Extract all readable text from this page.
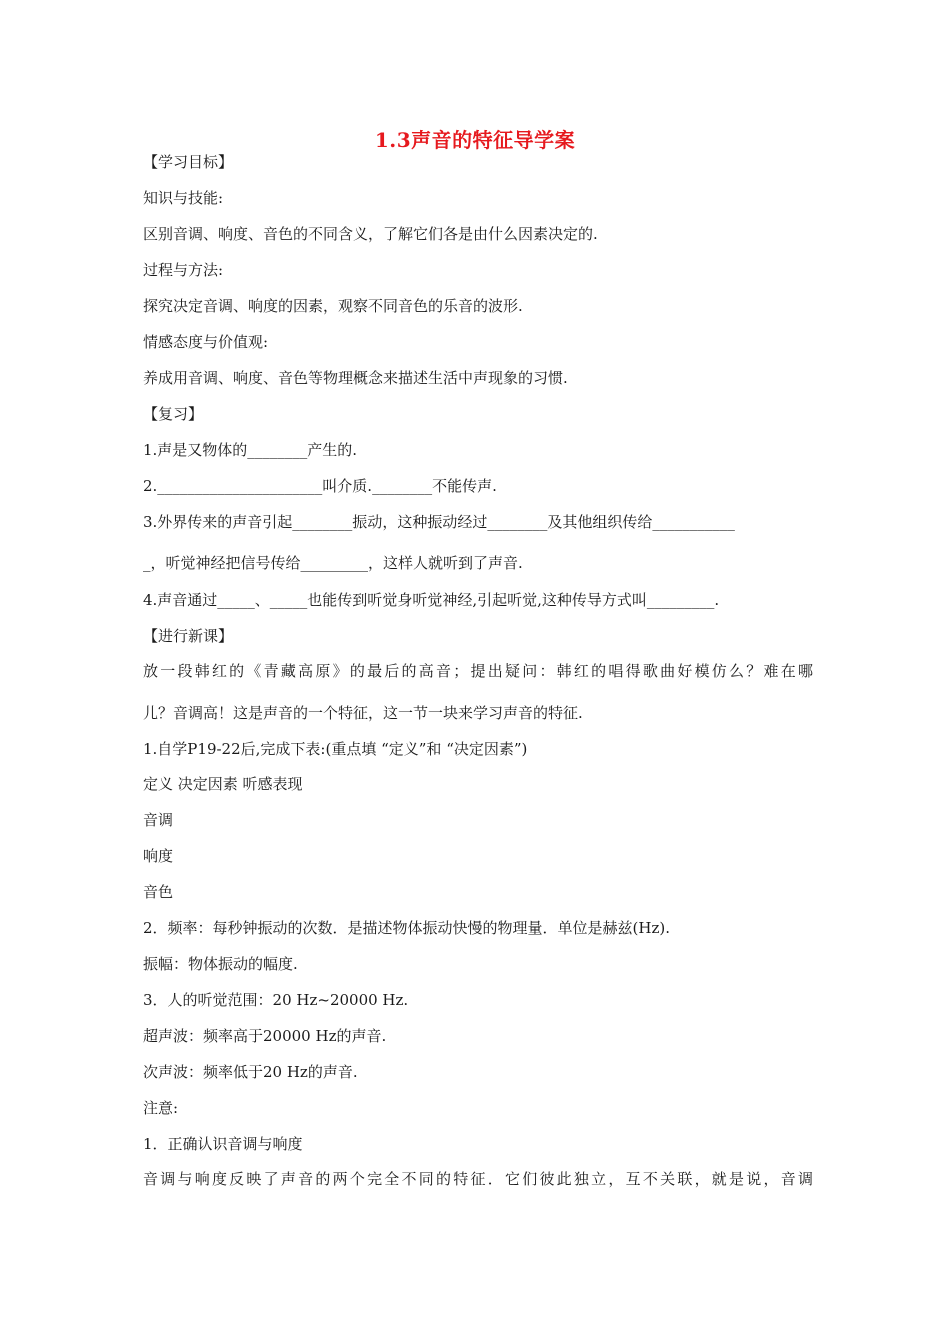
1.3声音的特征导学案
【学习目标】
知识与技能:
区别音调、响度、音色的不同含义，了解它们各是由什么因素决定的.
过程与方法:
探究决定音调、响度的因素，观察不同音色的乐音的波形.
情感态度与价值观:
养成用音调、响度、音色等物理概念来描述生活中声现象的习惯.
【复习】
1.声是又物体的________产生的.
2.______________________叫介质.________不能传声.
3.外界传来的声音引起________振动，这种振动经过________及其他组织传给___________
_，听觉神经把信号传给_________，这样人就听到了声音.
4.声音通过_____、_____也能传到听觉身听觉神经,引起听觉,这种传导方式叫_________.
【进行新课】
放一段韩红的《青藏高原》的最后的高音；提出疑问：韩红的唱得歌曲好模仿么？难在哪
儿？音调高！这是声音的一个特征，这一节一块来学习声音的特征.
1.自学P19-22后,完成下表:(重点填 “定义”和 “决定因素”)
定义 决定因素 听感表现
音调
响度
音色
2．频率：每秒钟振动的次数．是描述物体振动快慢的物理量．单位是赫兹(Hz).
振幅：物体振动的幅度.
3．人的听觉范围：20 Hz~20000 Hz.
超声波：频率高于20000 Hz的声音.
次声波：频率低于20 Hz的声音.
注意:
1．正确认识音调与响度
音调与响度反映了声音的两个完全不同的特征．它们彼此独立，互不关联，就是说，音调
